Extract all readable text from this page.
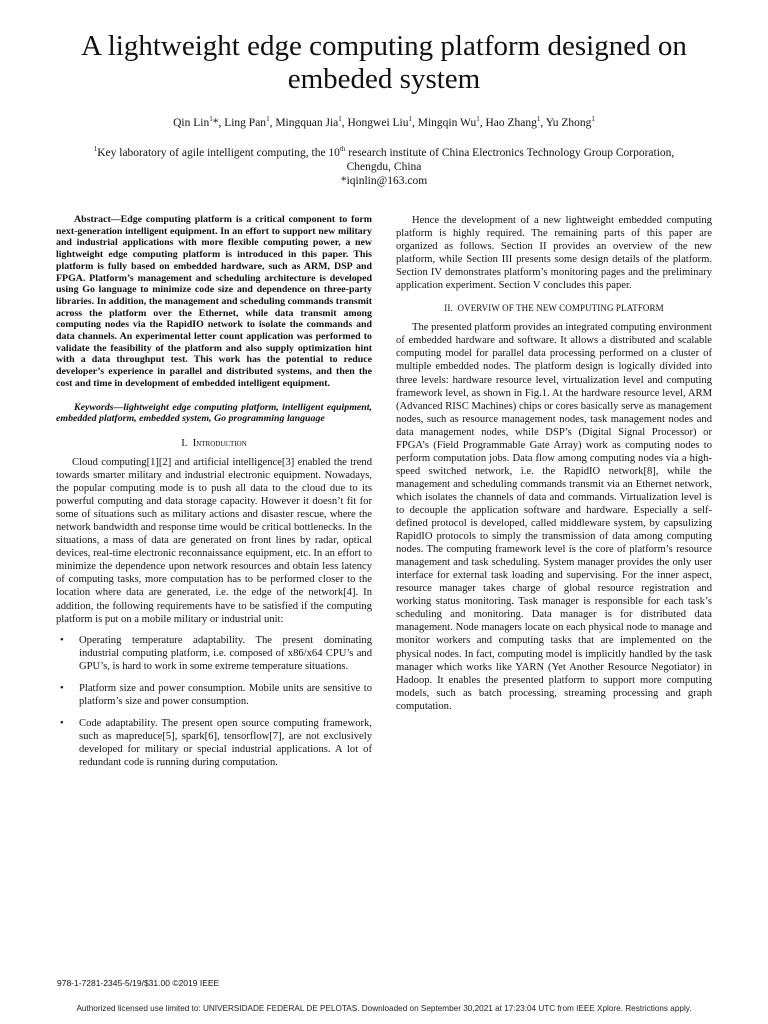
A lightweight edge computing platform designed on
embeded system
Qin Lin$^1$*, Ling Pan$^1$, Mingquan Jia$^1$, Hongwei Liu$^1$, Mingqin Wu$^1$, Hao Zhang$^1$, Yu Zhong$^1$
$^1$Key laboratory of agile intelligent computing, the 10th research institute of China Electronics Technology Group Corporation,
Chengdu, China
*iqinlin@163.com

Abstract—Edge computing platform is a critical component to form next-generation intelligent equipment. In an effort to support new military and industrial applications with more flexible computing power, a new lightweight edge computing platform is introduced in this paper. This platform is fully based on embedded hardware, such as ARM, DSP and FPGA. Platform’s management and scheduling architecture is developed using Go language to minimize code size and dependence on three-party libraries. In addition, the management and scheduling commands transmit across the platform over the Ethernet, while data transmit among computing nodes via the RapidIO network to isolate the commands and data channels. An experimental letter count application was performed to validate the feasibility of the platform and also supply optimization hint with a data throughput test. This work has the potential to reduce developer’s experience in parallel and distributed systems, and then the cost and time in development of embedded intelligent equipment.

Keywords—lightweight edge computing platform, intelligent equipment, embedded platform, embedded system, Go programming language

I. Introduction

Cloud computing[1][2] and artificial intelligence[3] enabled the trend towards smarter military and industrial electronic equipment. Nowadays, the popular computing mode is to push all data to the cloud due to its powerful computing and data storage capacity. However it doesn’t fit for some of situations such as military actions and disaster rescue, where the network bandwidth and response time would be critical bottlenecks. In the situations, a mass of data are generated on front lines by radar, optical devices, real-time electronic reconnaissance equipment, etc. In an effort to minimize the dependence upon network resources and obtain less latency of computing tasks, more computation has to be performed closer to the location where data are generated, i.e. the edge of the network[4]. In addition, the following requirements have to be satisfied if the computing platform is put on a mobile military or industrial unit:

• Operating temperature adaptability. The present dominating industrial computing platform, i.e. composed of x86/x64 CPU’s and GPU’s, is hard to work in some extreme temperature situations.
• Platform size and power consumption. Mobile units are sensitive to platform’s size and power consumption.
• Code adaptability. The present open source computing framework, such as mapreduce[5], spark[6], tensorflow[7], are not exclusively developed for military or special industrial applications. A lot of redundant code is running during computation.

Hence the development of a new lightweight embedded computing platform is highly required. The remaining parts of this paper are organized as follows. Section II provides an overview of the new platform, while Section III presents some design details of the platform. Section IV demonstrates platform’s monitoring pages and the preliminary application experiment. Section V concludes this paper.

II. OVERVIW OF THE NEW COMPUTING PLATFORM

The presented platform provides an integrated computing environment of embedded hardware and software. It allows a distributed and scalable computing model for parallel data processing performed on a cluster of multiple embedded nodes. The platform design is logically divided into three levels: hardware resource level, virtualization level and computing framework level, as shown in Fig.1. At the hardware resource level, ARM (Advanced RISC Machines) chips or cores basically serve as management nodes, such as resource management nodes, task management nodes and data management nodes, while DSP’s (Digital Signal Processor) or FPGA’s (Field Programmable Gate Array) work as computing nodes to perform computation jobs. Data flow among computing nodes via a high-speed switched network, i.e. the RapidIO network[8], while the management and scheduling commands transmit via an Ethernet network, which isolates the channels of data and commands. Virtualization level is to decouple the application software and hardware. Especially a self-defined protocol is developed, called middleware system, by capsulizing RapidIO protocols to simply the transmission of data among computing nodes. The computing framework level is the core of platform’s resource management and task scheduling. System manager provides the only user interface for external task loading and supervising. For the inner aspect, resource manager takes charge of global resource registration and working status monitoring. Task manager is responsible for each task’s scheduling and monitoring. Data manager is for distributed data management. Node managers locate on each physical node to manage and monitor workers and computing tasks that are implemented on the physical nodes. In fact, computing model is implicitly handled by the task manager which works like YARN (Yet Another Resource Negotiator) in Hadoop. It enables the presented platform to support more computing models, such as batch processing, streaming processing and graph computation.

978-1-7281-2345-5/19/$31.00 ©2019 IEEE
Authorized licensed use limited to: UNIVERSIDADE FEDERAL DE PELOTAS. Downloaded on September 30,2021 at 17:23:04 UTC from IEEE Xplore. Restrictions apply.
